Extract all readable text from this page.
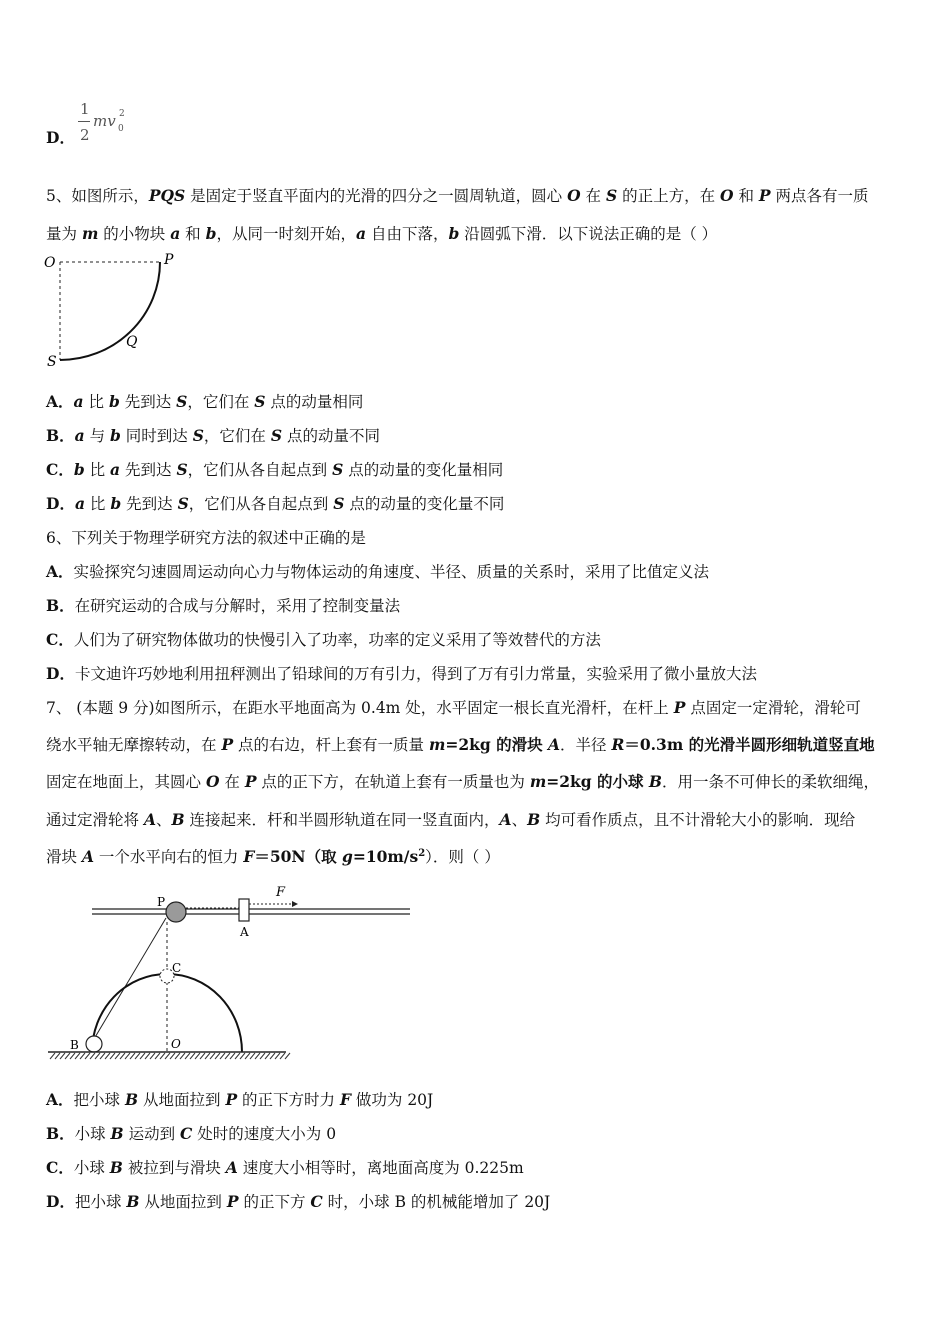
D．
1
2
mv 0
2
5、如图所示，PQS 是固定于竖直平面内的光滑的四分之一圆周轨道，圆心 O 在 S 的正上方，在 O 和 P 两点各有一质
量为 m 的小物块 a 和 b，从同一时刻开始，a 自由下落，b 沿圆弧下滑．以下说法正确的是（ ）
O	P
Q
S
A．a 比 b 先到达 S，它们在 S 点的动量相同
B．a 与 b 同时到达 S，它们在 S 点的动量不同
C．b 比 a 先到达 S，它们从各自起点到 S 点的动量的变化量相同
D．a 比 b 先到达 S，它们从各自起点到 S 点的动量的变化量不同
6、下列关于物理学研究方法的叙述中正确的是
A．实验探究匀速圆周运动向心力与物体运动的角速度、半径、质量的关系时，采用了比值定义法
B．在研究运动的合成与分解时，采用了控制变量法
C．人们为了研究物体做功的快慢引入了功率，功率的定义采用了等效替代的方法
D．卡文迪许巧妙地利用扭秤测出了铅球间的万有引力，得到了万有引力常量，实验采用了微小量放大法
7、 (本题 9 分)如图所示，在距水平地面高为 0.4m 处，水平固定一根长直光滑杆，在杆上 P 点固定一定滑轮，滑轮可
绕水平轴无摩擦转动，在 P 点的右边，杆上套有一质量 m=2kg 的滑块 A．半径 R＝0.3m 的光滑半圆形细轨道竖直地
固定在地面上，其圆心 O 在 P 点的正下方，在轨道上套有一质量也为 m=2kg 的小球 B．用一条不可伸长的柔软细绳，
通过定滑轮将 A、B 连接起来．杆和半圆形轨道在同一竖直面内，A、B 均可看作质点，且不计滑轮大小的影响．现给
滑块 A 一个水平向右的恒力 F＝50N（取 $g=10m/s^2$）．则（ ）
P
A
F
C
B	O
A．把小球 B 从地面拉到 P 的正下方时力 F 做功为 20J
B．小球 B 运动到 C 处时的速度大小为 0
C．小球 B 被拉到与滑块 A 速度大小相等时，离地面高度为 0.225m
D．把小球 B 从地面拉到 P 的正下方 C 时，小球 B 的机械能增加了 20J
